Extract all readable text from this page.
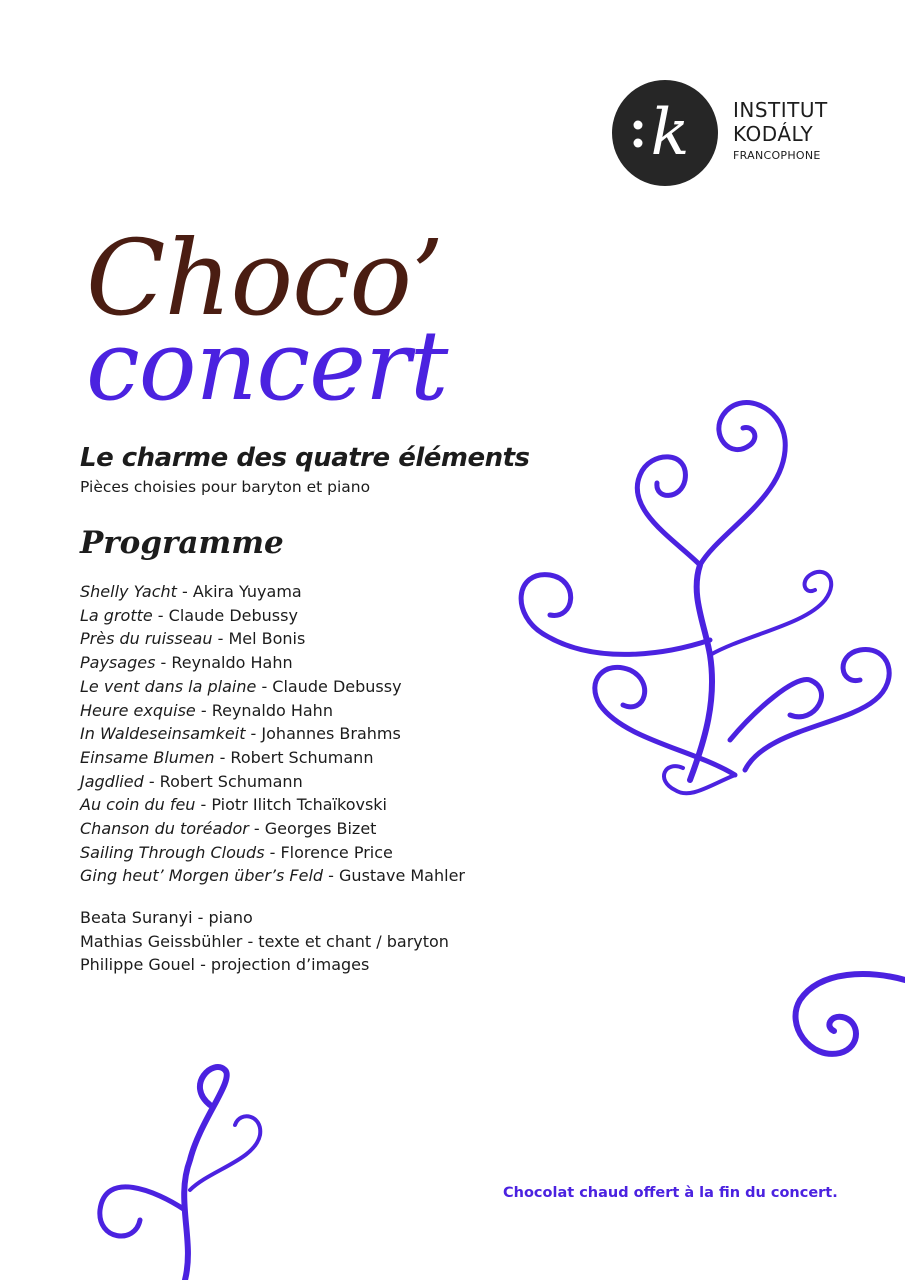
k INSTITUT
KODÁLY
FRANCOPHONE
Choco’
concert
Le charme des quatre éléments
Pièces choisies pour baryton et piano
Programme
Shelly Yacht - Akira Yuyama
La grotte - Claude Debussy
Près du ruisseau - Mel Bonis
Paysages - Reynaldo Hahn
Le vent dans la plaine - Claude Debussy
Heure exquise - Reynaldo Hahn
In Waldeseinsamkeit - Johannes Brahms
Einsame Blumen - Robert Schumann
Jagdlied - Robert Schumann
Au coin du feu - Piotr Ilitch Tchaïkovski
Chanson du toréador - Georges Bizet
Sailing Through Clouds - Florence Price
Ging heut’ Morgen über’s Feld - Gustave Mahler
Beata Suranyi - piano
Mathias Geissbühler - texte et chant / baryton
Philippe Gouel - projection d’images
Chocolat chaud offert à la fin du concert.
